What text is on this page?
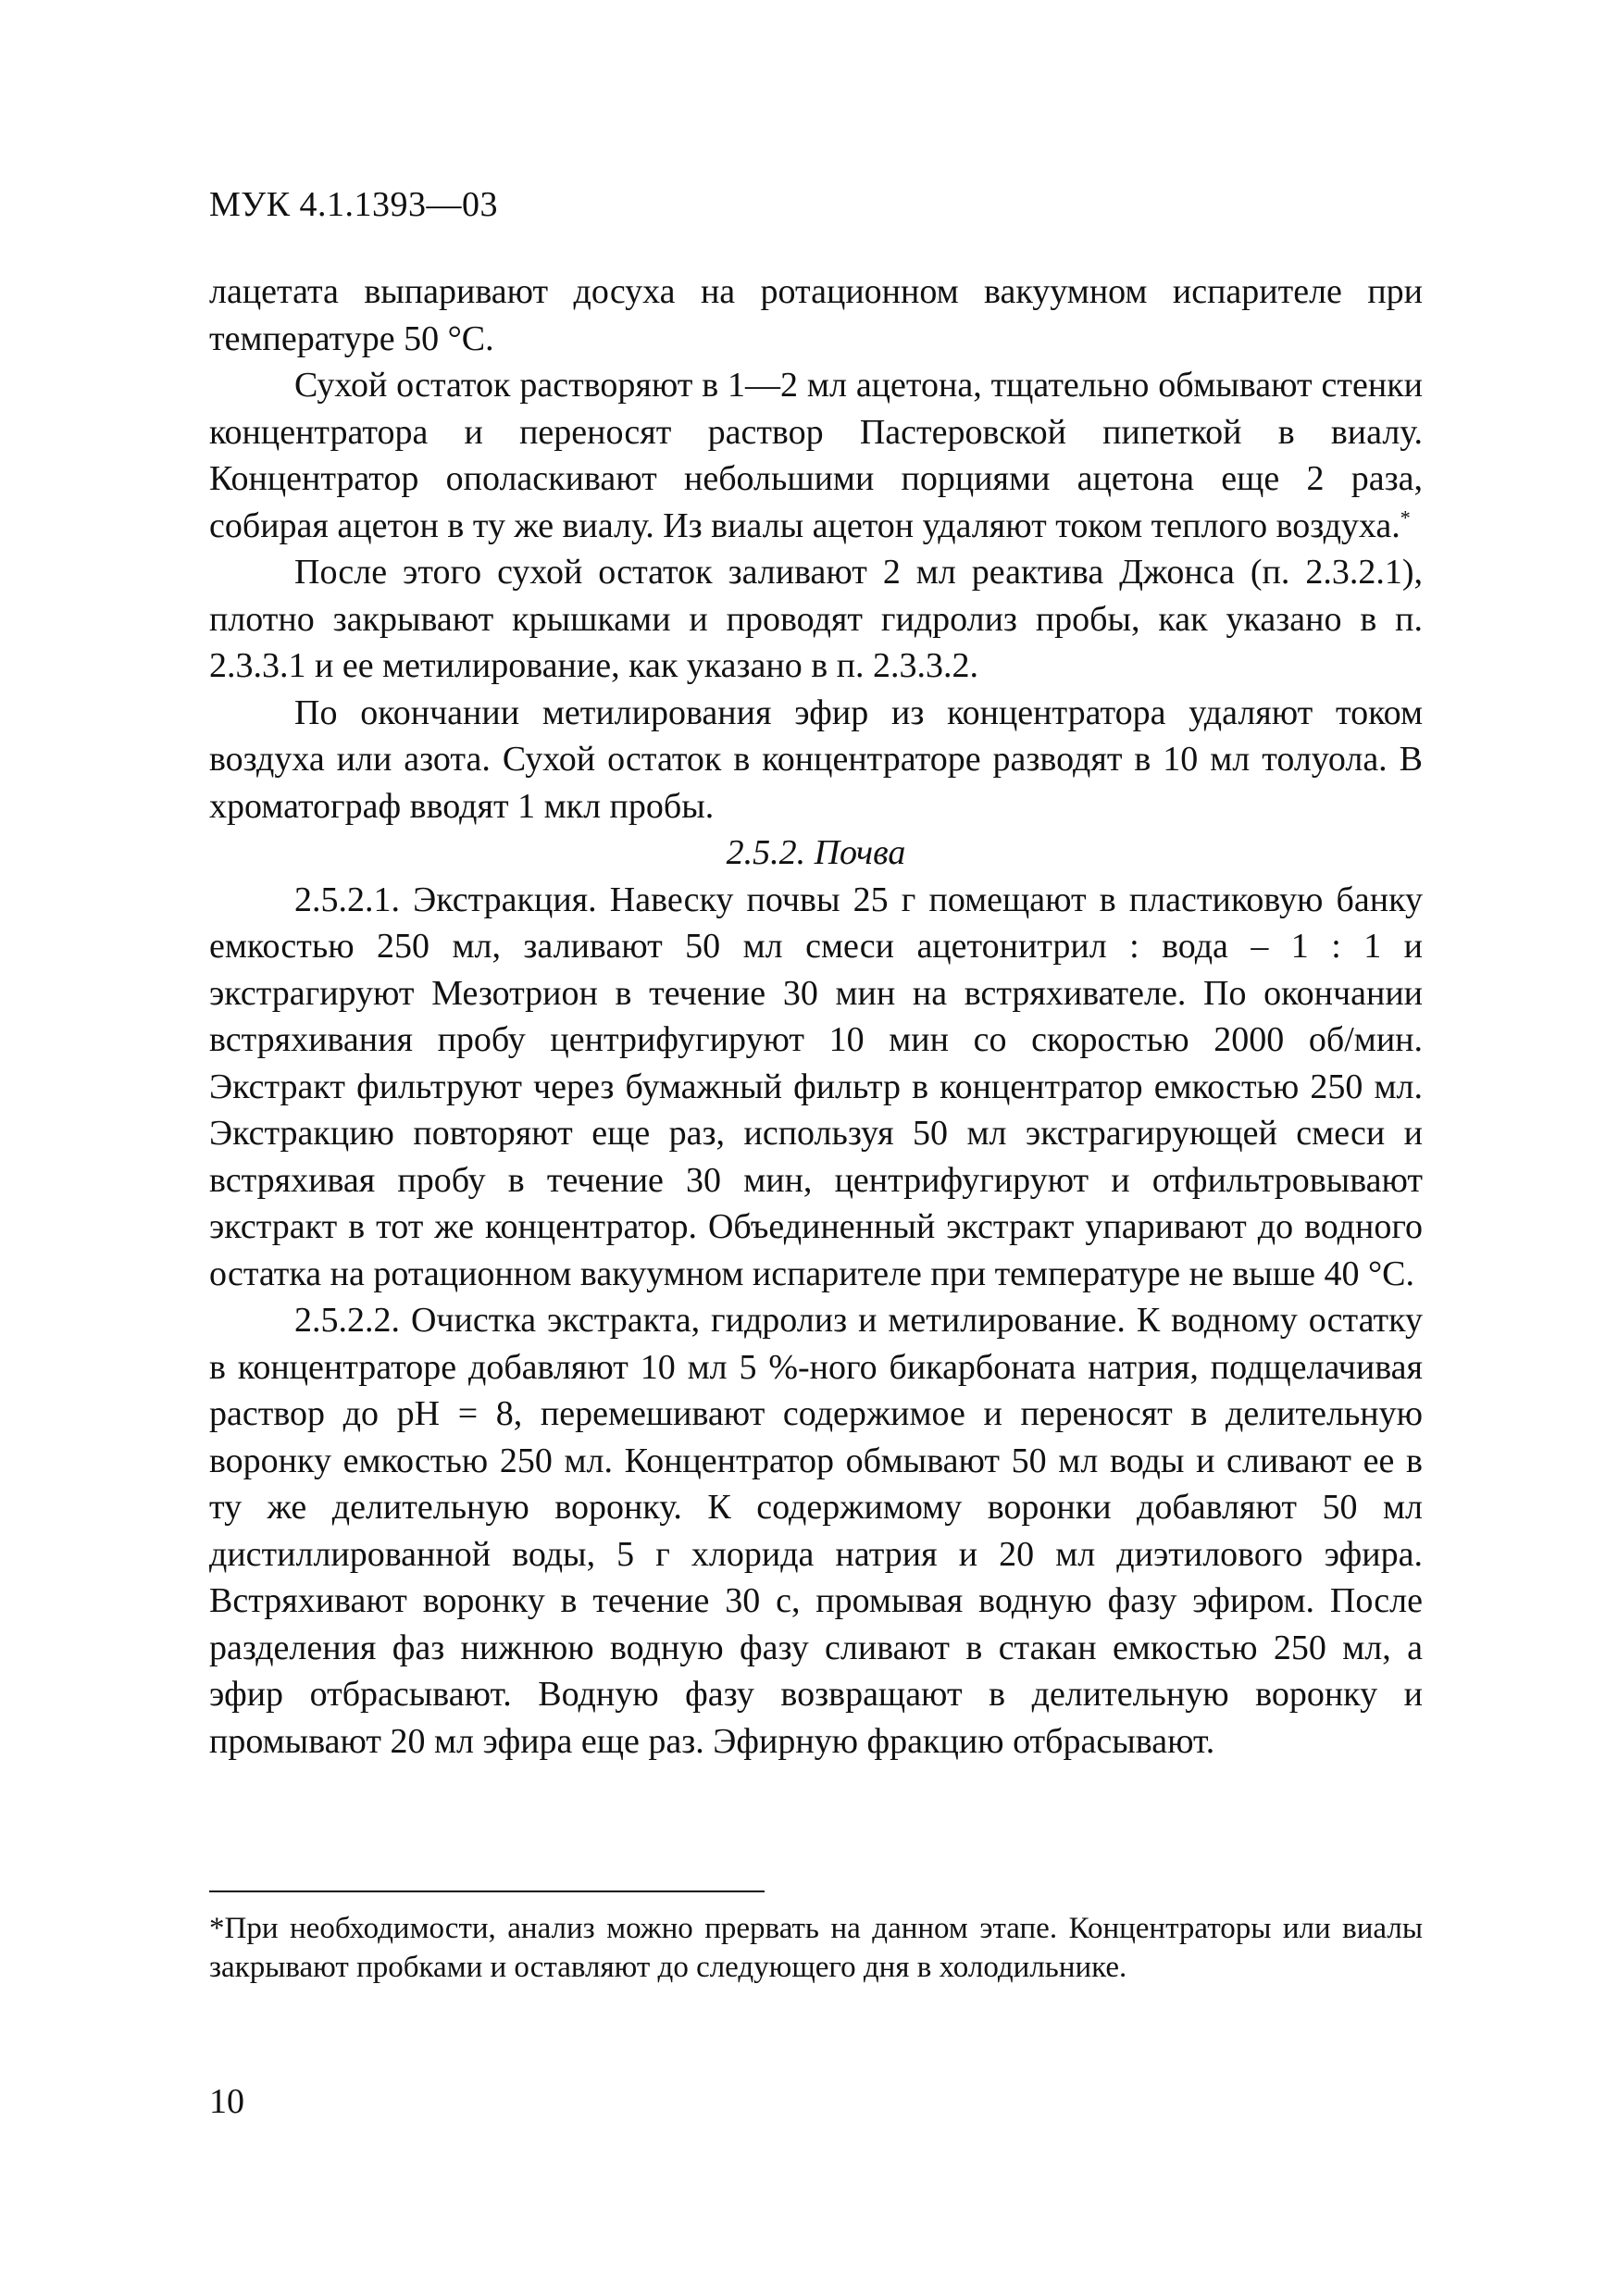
МУК 4.1.1393—03

лацетата выпаривают досуха на ротационном вакуумном испарителе при температуре 50 °С.

Сухой остаток растворяют в 1—2 мл ацетона, тщательно обмывают стенки концентратора и переносят раствор Пастеровской пипеткой в виалу. Концентратор ополаскивают небольшими порциями ацетона еще 2 раза, собирая ацетон в ту же виалу. Из виалы ацетон удаляют током теплого воздуха.*

После этого сухой остаток заливают 2 мл реактива Джонса (п. 2.3.2.1), плотно закрывают крышками и проводят гидролиз пробы, как указано в п. 2.3.3.1 и ее метилирование, как указано в п. 2.3.3.2.

По окончании метилирования эфир из концентратора удаляют током воздуха или азота. Сухой остаток в концентраторе разводят в 10 мл толуола. В хроматограф вводят 1 мкл пробы.

2.5.2. Почва

2.5.2.1. Экстракция. Навеску почвы 25 г помещают в пластиковую банку емкостью 250 мл, заливают 50 мл смеси ацетонитрил : вода – 1 : 1 и экстрагируют Мезотрион в течение 30 мин на встряхивателе. По окончании встряхивания пробу центрифугируют 10 мин со скоростью 2000 об/мин. Экстракт фильтруют через бумажный фильтр в концентратор емкостью 250 мл. Экстракцию повторяют еще раз, используя 50 мл экстрагирующей смеси и встряхивая пробу в течение 30 мин, центрифугируют и отфильтровывают экстракт в тот же концентратор. Объединенный экстракт упаривают до водного остатка на ротационном вакуумном испарителе при температуре не выше 40 °С.

2.5.2.2. Очистка экстракта, гидролиз и метилирование. К водному остатку в концентраторе добавляют 10 мл 5 %-ного бикарбоната натрия, подщелачивая раствор до рН = 8, перемешивают содержимое и переносят в делительную воронку емкостью 250 мл. Концентратор обмывают 50 мл воды и сливают ее в ту же делительную воронку. К содержимому воронки добавляют 50 мл дистиллированной воды, 5 г хлорида натрия и 20 мл диэтилового эфира. Встряхивают воронку в течение 30 с, промывая водную фазу эфиром. После разделения фаз нижнюю водную фазу сливают в стакан емкостью 250 мл, а эфир отбрасывают. Водную фазу возвращают в делительную воронку и промывают 20 мл эфира еще раз. Эфирную фракцию отбрасывают.

*При необходимости, анализ можно прервать на данном этапе. Концентраторы или виалы закрывают пробками и оставляют до следующего дня в холодильнике.

10
